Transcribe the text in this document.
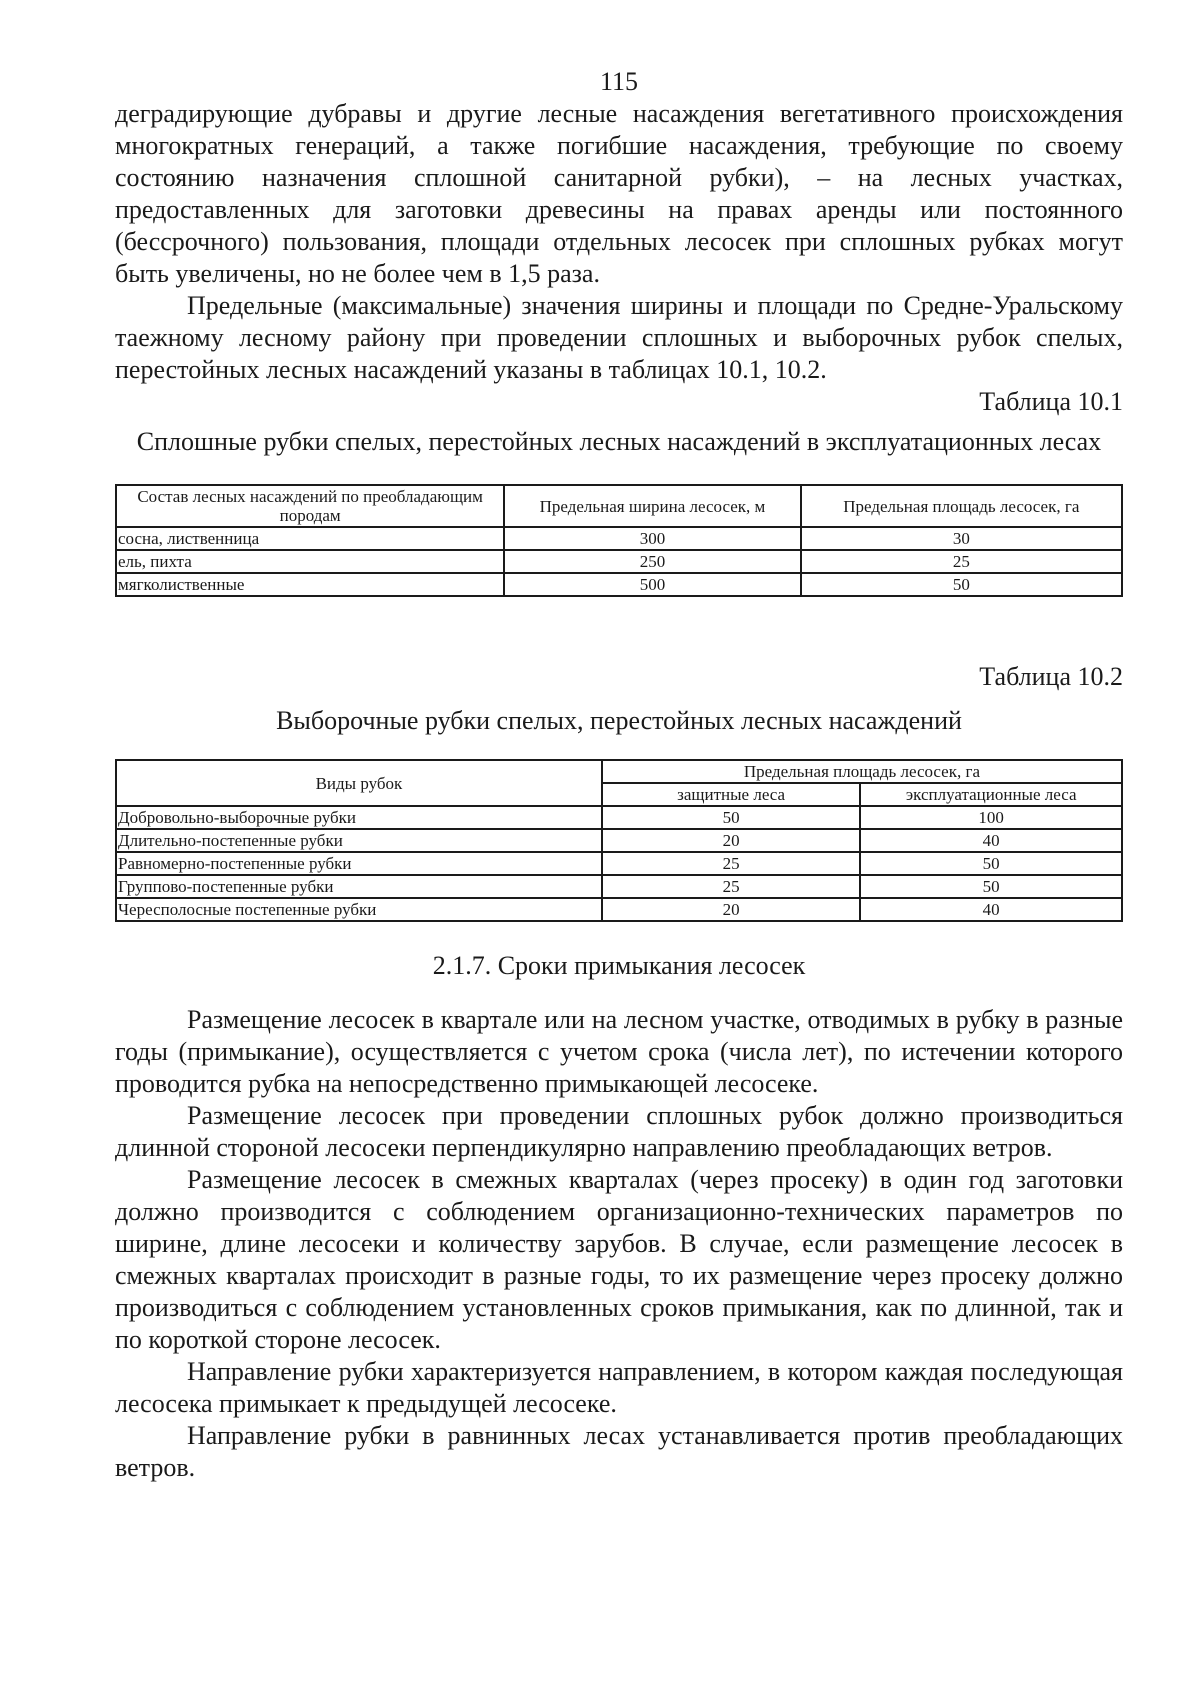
115

деградирующие дубравы и другие лесные насаждения вегетативного происхождения многократных генераций, а также погибшие насаждения, требующие по своему состоянию назначения сплошной санитарной рубки), – на лесных участках, предоставленных для заготовки древесины на правах аренды или постоянного (бессрочного) пользования, площади отдельных лесосек при сплошных рубках могут быть увеличены, но не более чем в 1,5 раза.

Предельные (максимальные) значения ширины и площади по Средне-Уральскому таежному лесному району при проведении сплошных и выборочных рубок спелых, перестойных лесных насаждений указаны в таблицах 10.1, 10.2.

Таблица 10.1

Сплошные рубки спелых, перестойных лесных насаждений в эксплуатационных лесах

Состав лесных насаждений по преобладающим породам	Предельная ширина лесосек, м	Предельная площадь лесосек, га
сосна, лиственница	300	30
ель, пихта	250	25
мягколиственные	500	50

Таблица 10.2

Выборочные рубки спелых, перестойных лесных насаждений

Виды рубок	Предельная площадь лесосек, га	
	защитные леса	эксплуатационные леса
Добровольно-выборочные рубки	50	100
Длительно-постепенные рубки	20	40
Равномерно-постепенные рубки	25	50
Группово-постепенные рубки	25	50
Чересполосные постепенные рубки	20	40

2.1.7. Сроки примыкания лесосек

Размещение лесосек в квартале или на лесном участке, отводимых в рубку в разные годы (примыкание), осуществляется с учетом срока (числа лет), по истечении которого проводится рубка на непосредственно примыкающей лесосеке.

Размещение лесосек при проведении сплошных рубок должно производиться длинной стороной лесосеки перпендикулярно направлению преобладающих ветров.

Размещение лесосек в смежных кварталах (через просеку) в один год заготовки должно производится с соблюдением организационно-технических параметров по ширине, длине лесосеки и количеству зарубов. В случае, если размещение лесосек в смежных кварталах происходит в разные годы, то их размещение через просеку должно производиться с соблюдением установленных сроков примыкания, как по длинной, так и по короткой стороне лесосек.

Направление рубки характеризуется направлением, в котором каждая последующая лесосека примыкает к предыдущей лесосеке.

Направление рубки в равнинных лесах устанавливается против преобладающих ветров.
